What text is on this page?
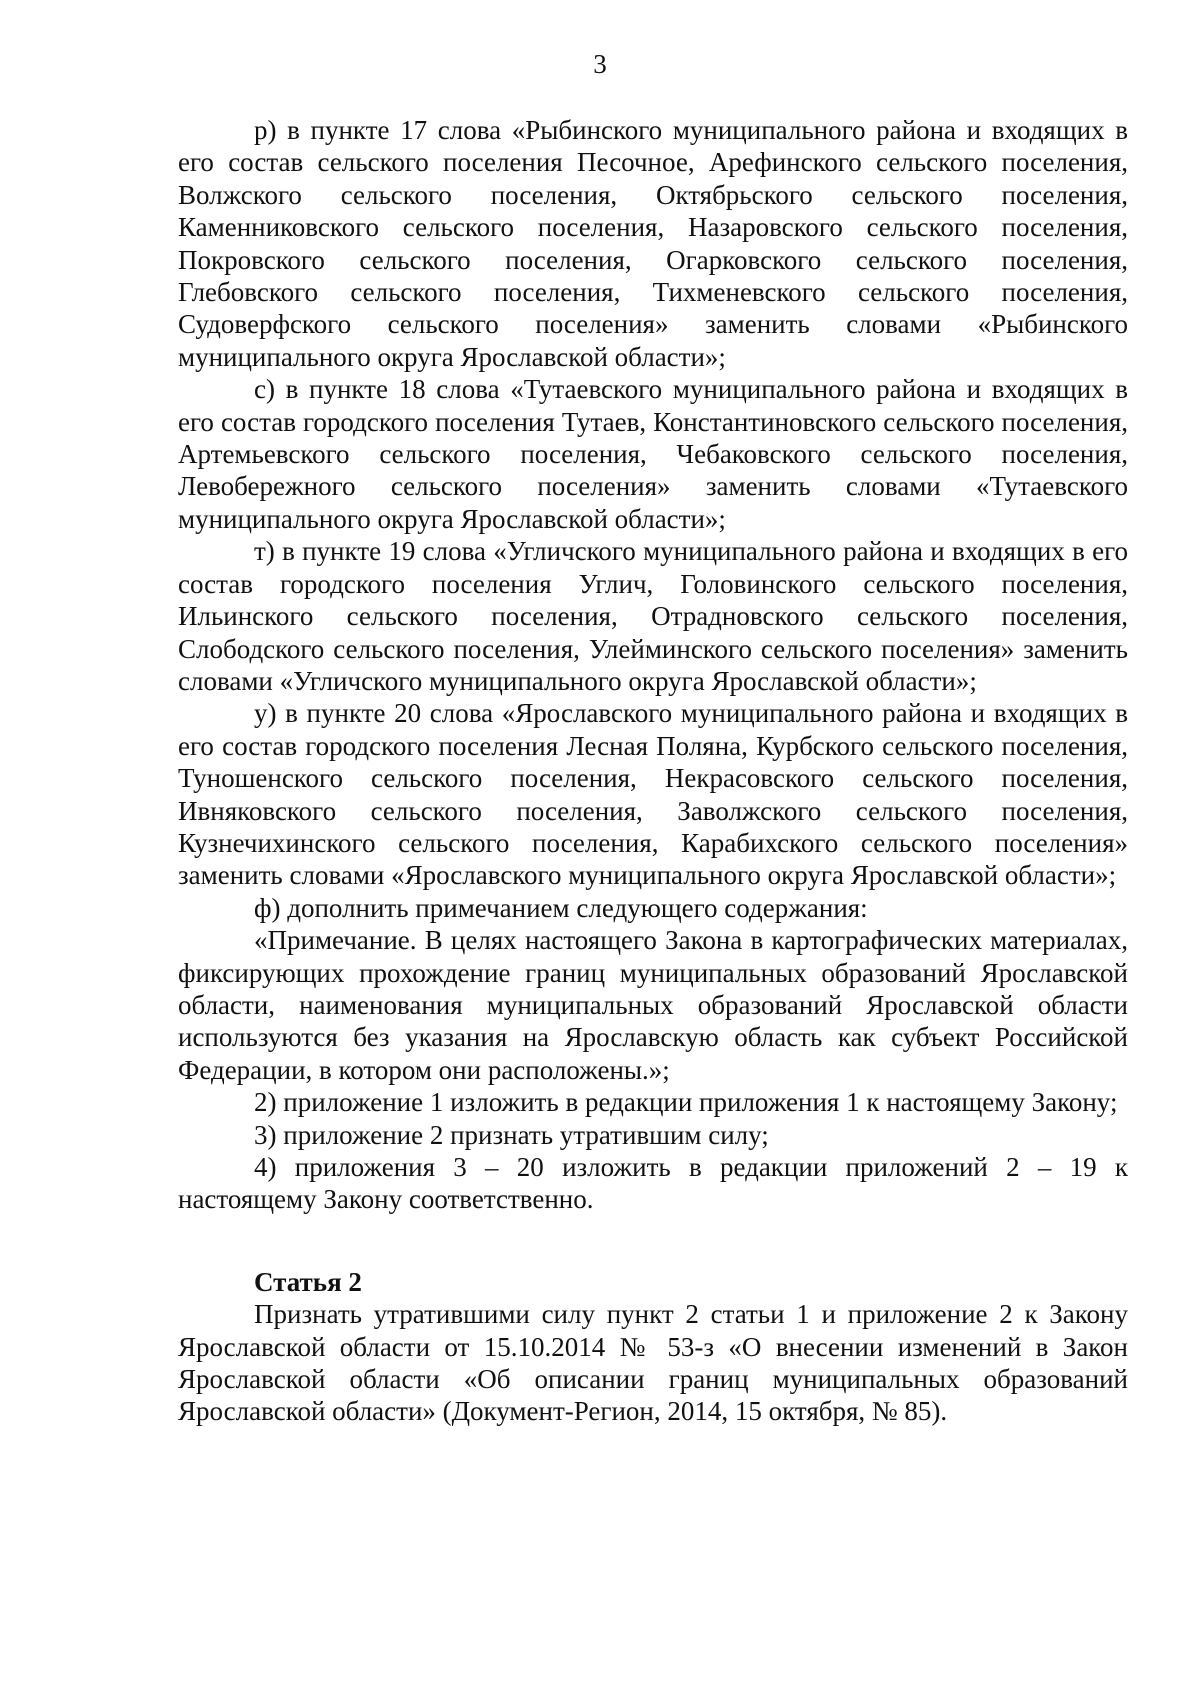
3

р) в пункте 17 слова «Рыбинского муниципального района и входящих в его состав сельского поселения Песочное, Арефинского сельского поселения, Волжского сельского поселения, Октябрьского сельского поселения, Каменниковского сельского поселения, Назаровского сельского поселения, Покровского сельского поселения, Огарковского сельского поселения, Глебовского сельского поселения, Тихменевского сельского поселения, Судоверфского сельского поселения» заменить словами «Рыбинского муниципального округа Ярославской области»;

с) в пункте 18 слова «Тутаевского муниципального района и входящих в его состав городского поселения Тутаев, Константиновского сельского поселения, Артемьевского сельского поселения, Чебаковского сельского поселения, Левобережного сельского поселения» заменить словами «Тутаевского муниципального округа Ярославской области»;

т) в пункте 19 слова «Угличского муниципального района и входящих в его состав городского поселения Углич, Головинского сельского поселения, Ильинского сельского поселения, Отрадновского сельского поселения, Слободского сельского поселения, Улейминского сельского поселения» заменить словами «Угличского муниципального округа Ярославской области»;

у) в пункте 20 слова «Ярославского муниципального района и входящих в его состав городского поселения Лесная Поляна, Курбского сельского поселения, Туношенского сельского поселения, Некрасовского сельского поселения, Ивняковского сельского поселения, Заволжского сельского поселения, Кузнечихинского сельского поселения, Карабихского сельского поселения» заменить словами «Ярославского муниципального округа Ярославской области»;

ф) дополнить примечанием следующего содержания:

«Примечание. В целях настоящего Закона в картографических материалах, фиксирующих прохождение границ муниципальных образований Ярославской области, наименования муниципальных образований Ярославской области используются без указания на Ярославскую область как субъект Российской Федерации, в котором они расположены.»;

2) приложение 1 изложить в редакции приложения 1 к настоящему Закону;

3) приложение 2 признать утратившим силу;

4) приложения 3 – 20 изложить в редакции приложений 2 – 19 к настоящему Закону соответственно.

Статья 2

Признать утратившими силу пункт 2 статьи 1 и приложение 2 к Закону Ярославской области от 15.10.2014 № 53-з «О внесении изменений в Закон Ярославской области «Об описании границ муниципальных образований Ярославской области» (Документ-Регион, 2014, 15 октября, № 85).
